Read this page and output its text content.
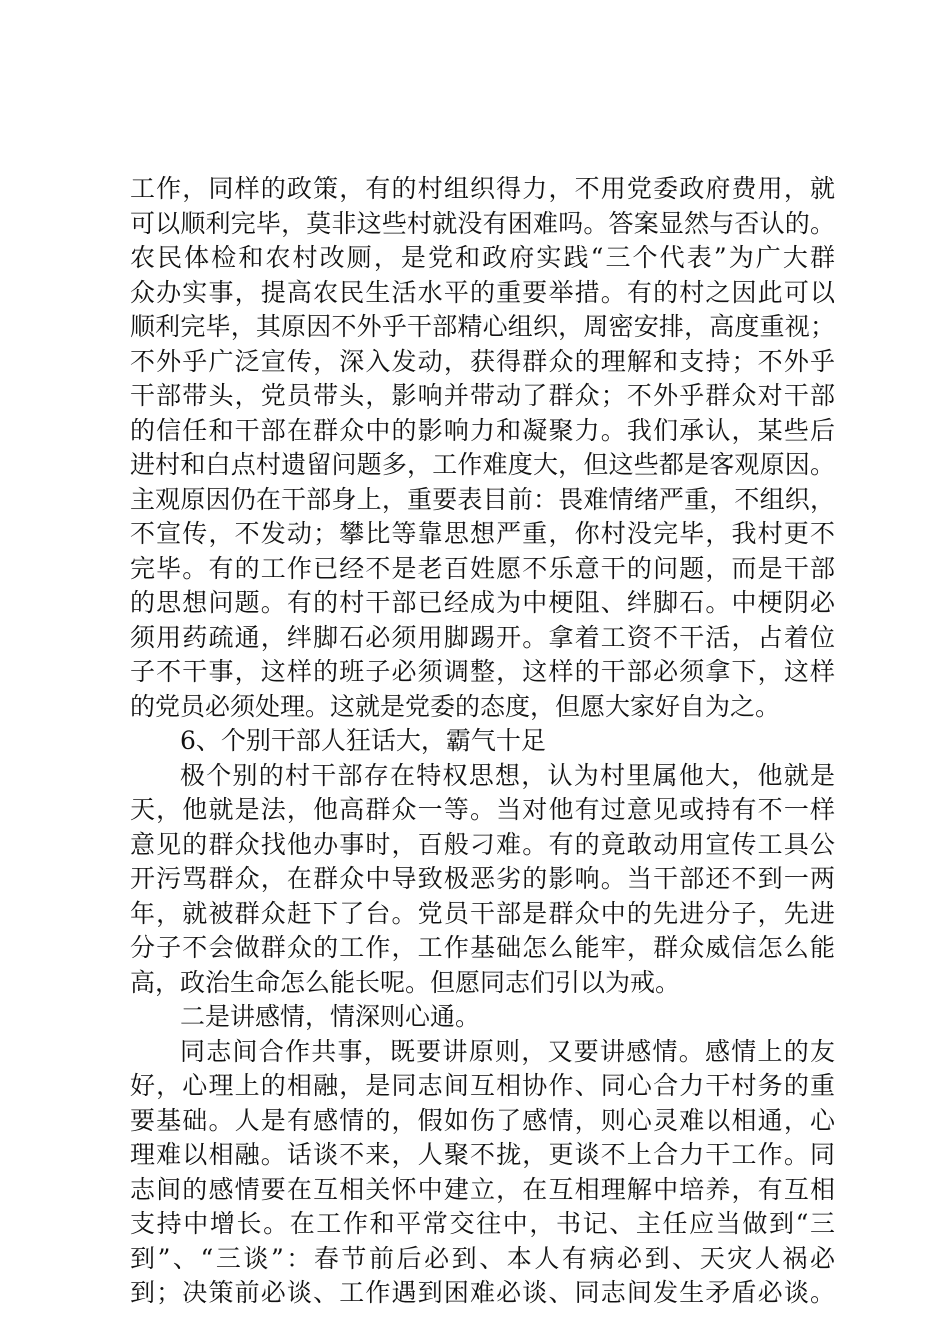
工作，同样的政策，有的村组织得力，不用党委政府费用，就
可以顺利完毕，莫非这些村就没有困难吗。答案显然与否认的。
农民体检和农村改厕，是党和政府实践“三个代表”为广大群
众办实事，提高农民生活水平的重要举措。有的村之因此可以
顺利完毕，其原因不外乎干部精心组织，周密安排，高度重视；
不外乎广泛宣传，深入发动，获得群众的理解和支持；不外乎
干部带头，党员带头，影响并带动了群众；不外乎群众对干部
的信任和干部在群众中的影响力和凝聚力。我们承认，某些后
进村和白点村遗留问题多，工作难度大，但这些都是客观原因。
主观原因仍在干部身上，重要表目前：畏难情绪严重，不组织，
不宣传，不发动；攀比等靠思想严重，你村没完毕，我村更不
完毕。有的工作已经不是老百姓愿不乐意干的问题，而是干部
的思想问题。有的村干部已经成为中梗阻、绊脚石。中梗阴必
须用药疏通，绊脚石必须用脚踢开。拿着工资不干活，占着位
子不干事，这样的班子必须调整，这样的干部必须拿下，这样
的党员必须处理。这就是党委的态度，但愿大家好自为之。
6、个别干部人狂话大，霸气十足
极个别的村干部存在特权思想，认为村里属他大，他就是
天，他就是法，他高群众一等。当对他有过意见或持有不一样
意见的群众找他办事时，百般刁难。有的竟敢动用宣传工具公
开污骂群众，在群众中导致极恶劣的影响。当干部还不到一两
年，就被群众赶下了台。党员干部是群众中的先进分子，先进
分子不会做群众的工作，工作基础怎么能牢，群众威信怎么能
高，政治生命怎么能长呢。但愿同志们引以为戒。
二是讲感情，情深则心通。
同志间合作共事，既要讲原则，又要讲感情。感情上的友
好，心理上的相融，是同志间互相协作、同心合力干村务的重
要基础。人是有感情的，假如伤了感情，则心灵难以相通，心
理难以相融。话谈不来，人聚不拢，更谈不上合力干工作。同
志间的感情要在互相关怀中建立，在互相理解中培养，有互相
支持中增长。在工作和平常交往中，书记、主任应当做到“三
到”、“三谈”：春节前后必到、本人有病必到、天灾人祸必
到；决策前必谈、工作遇到困难必谈、同志间发生矛盾必谈。
